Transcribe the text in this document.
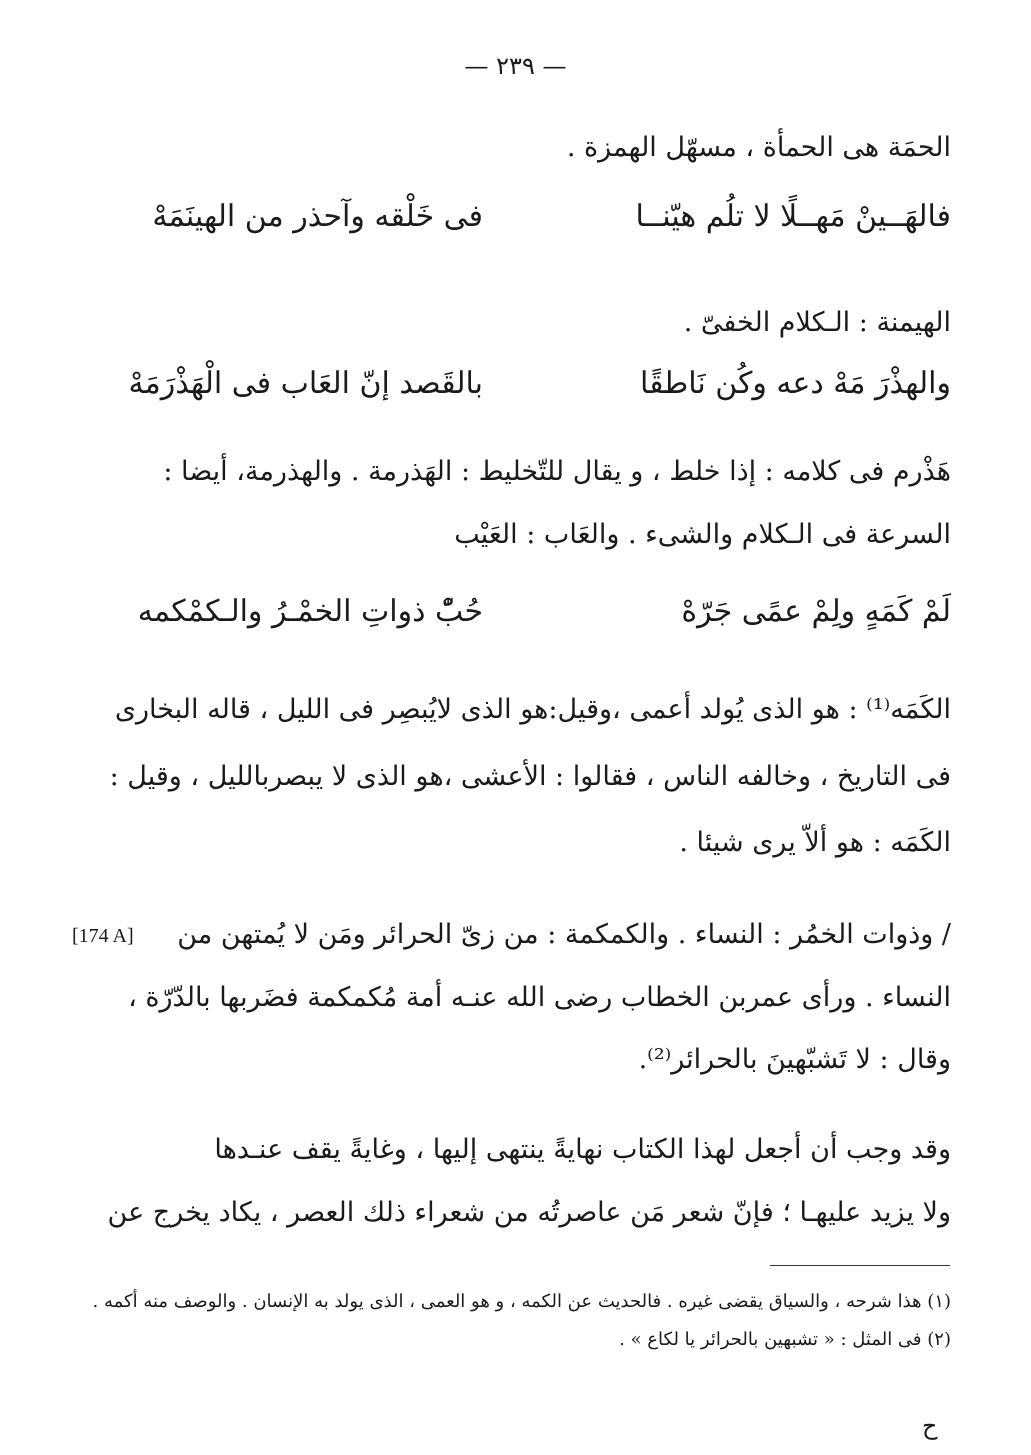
— ٢٣٩ —
الحمَة هى الحمأة ، مسهّل الهمزة .
فالهَــينْ مَهــلًا لا تلُم هيّنــا
فى خَلْقه وآحذر من الهينَمَهْ
الهيمنة : الـكلام الخفىّ .
والهذْرَ مَهْ دعه وكُن نَاطقًا
بالقَصد إنّ العَاب فى الْهَذْرَمَهْ
هَذْرم فى كلامه : إذا خلط ، و يقال للتّخليط : الهَذرمة . والهذرمة، أيضا :
السرعة فى الـكلام والشىء . والعَاب : العَيْب
لَمْ كَمَهٍ ولِمْ عمًى جَرّهْ
حُبّْ ذواتِ الخمْـرُ والـكمْكمه
الكَمَه⁽¹⁾ : هو الذى يُولد أعمى ،وقيل:هو الذى لايُبصِر فى الليل ، قاله البخارى
فى التاريخ ، وخالفه الناس ، فقالوا : الأعشى ،هو الذى لا يبصربالليل ، وقيل :
الكَمَه : هو ألاّ يرى شيئا .
/ وذوات الخمُر : النساء . والكمكمة : من زىّ الحرائر ومَن لا يُمتهن من
[174 A]
النساء . ورأى عمربن الخطاب رضى الله عنـه أمة مُكمكمة فضَربها بالدّرّة ،
وقال : لا تَشبّهينَ بالحرائر⁽²⁾.
وقد وجب أن أجعل لهذا الكتاب نهايةً ينتهى إليها ، وغايةً يقف عنـدها
ولا يزيد عليهـا ؛ فإنّ شعر مَن عاصرتُه من شعراء ذلك العصر ، يكاد يخرج عن
(١) هذا شرحه ، والسياق يقضى غيره . فالحديث عن الكمه ، و هو العمى ، الذى يولد به الإنسان . والوصف منه أكمه .
(٢) فى المثل : « تشبهين بالحرائر يا لكاع » .
ح
